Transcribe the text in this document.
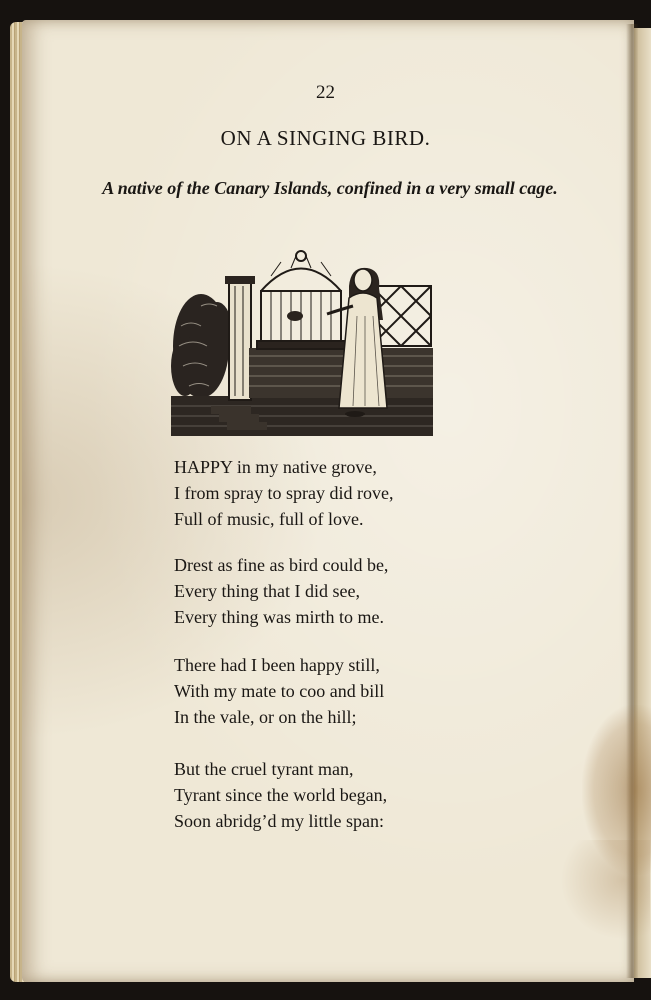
22
ON A SINGING BIRD.
A native of the Canary Islands, confined in a very small cage.
HAPPY in my native grove,
I from spray to spray did rove,
Full of music, full of love.
Drest as fine as bird could be,
Every thing that I did see,
Every thing was mirth to me.
There had I been happy still,
With my mate to coo and bill
In the vale, or on the hill;
But the cruel tyrant man,
Tyrant since the world began,
Soon abridg’d my little span:
